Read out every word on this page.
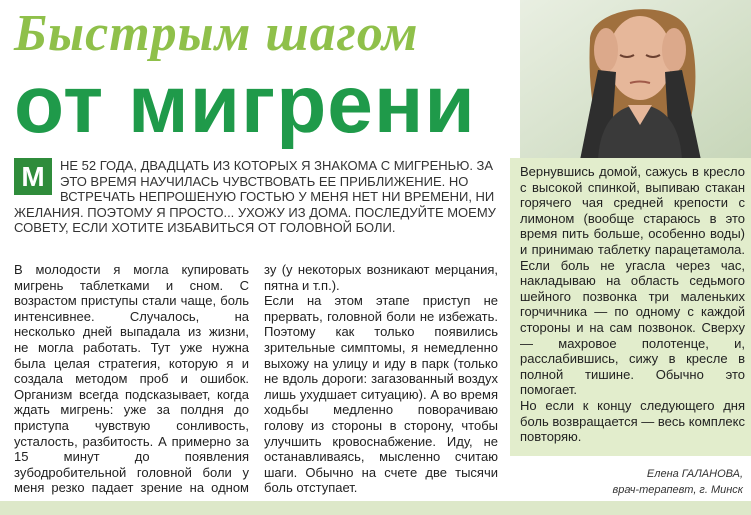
Быстрым шагом
от мигрени
М	НЕ 52 ГОДА, ДВАДЦАТЬ ИЗ КОТОРЫХ Я ЗНАКОМА С МИГРЕНЬЮ. ЗА ЭТО ВРЕМЯ НАУЧИЛАСЬ ЧУВСТВОВАТЬ ЕЕ ПРИБЛИЖЕНИЕ. НО ВСТРЕЧАТЬ НЕПРОШЕНУЮ ГОСТЬЮ У МЕНЯ НЕТ НИ ВРЕМЕНИ, НИ ЖЕЛАНИЯ. ПОЭТОМУ Я ПРОСТО... УХОЖУ ИЗ ДОМА. ПОСЛЕДУЙТЕ МОЕМУ СОВЕТУ, ЕСЛИ ХОТИТЕ ИЗБАВИТЬСЯ ОТ ГОЛОВНОЙ БОЛИ.

В молодости я могла купировать мигрень таблетками и сном. С возрастом приступы стали чаще, боль интенсивнее. Случалось, на несколько дней выпадала из жизни, не могла работать. Тут уже нужна была целая стратегия, которую я и создала методом проб и ошибок. Организм всегда подсказывает, когда ждать мигрень: уже за полдня до приступа чувствую сонливость, усталость, разбитость. А примерно за 15 минут до появления зубодробительной головной боли у меня резко падает зрение на одном

зу (у некоторых возникают мерцания, пятна и т.п.).

Если на этом этапе приступ не прервать, головной боли не избежать. Поэтому как только появились зрительные симптомы, я немедленно выхожу на улицу и иду в парк (только не вдоль дороги: загазованный воздух лишь ухудшает ситуацию). А во время ходьбы медленно поворачиваю голову из стороны в сторону, чтобы улучшить кровоснабжение. Иду, не останавливаясь, мысленно считаю шаги. Обычно на счете две тысячи боль отступает.

Вернувшись домой, сажусь в кресло с высокой спинкой, выпиваю стакан горячего чая средней крепости с лимоном (вообще стараюсь в это время пить больше, особенно воды) и принимаю таблетку парацетамола. Если боль не угасла через час, накладываю на область седьмого шейного позвонка три маленьких горчичника — по одному с каждой стороны и на сам позвонок. Сверху — махровое полотенце, и, расслабившись, сижу в кресле в полной тишине. Обычно это помогает.

Но если к концу следующего дня боль возвращается — весь комплекс повторяю.

Елена ГАЛАНОВА,
врач-терапевт, г. Минск
